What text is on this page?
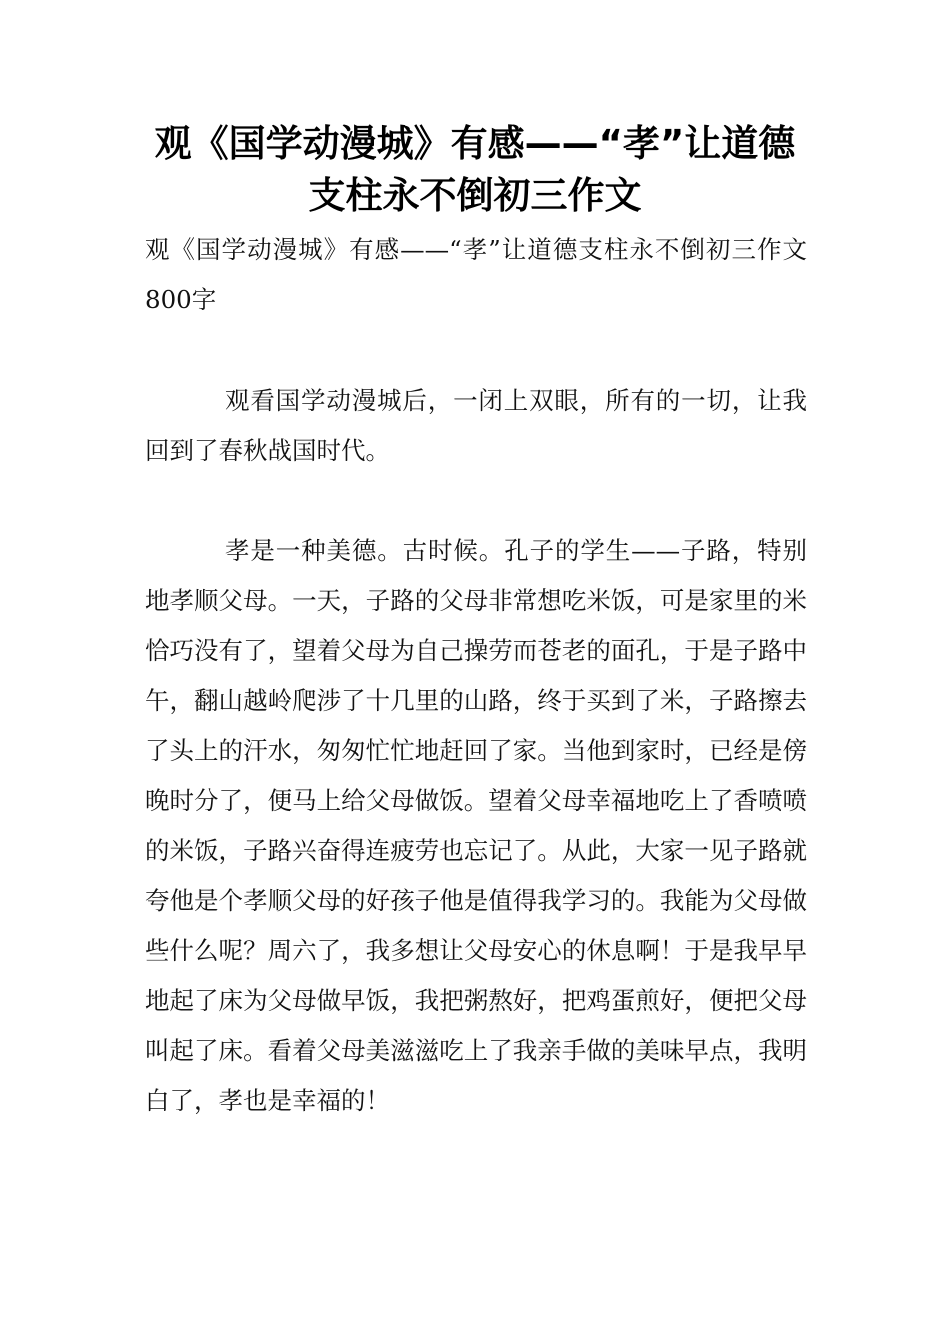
观《国学动漫城》有感——“孝”让道德支柱永不倒初三作文

观《国学动漫城》有感——“孝”让道德支柱永不倒初三作文800字

观看国学动漫城后，一闭上双眼，所有的一切，让我回到了春秋战国时代。

孝是一种美德。古时候。孔子的学生——子路，特别地孝顺父母。一天，子路的父母非常想吃米饭，可是家里的米恰巧没有了，望着父母为自己操劳而苍老的面孔，于是子路中午，翻山越岭爬涉了十几里的山路，终于买到了米，子路擦去了头上的汗水，匆匆忙忙地赶回了家。当他到家时，已经是傍晚时分了，便马上给父母做饭。望着父母幸福地吃上了香喷喷的米饭，子路兴奋得连疲劳也忘记了。从此，大家一见子路就夸他是个孝顺父母的好孩子他是值得我学习的。我能为父母做些什么呢？周六了，我多想让父母安心的休息啊！于是我早早地起了床为父母做早饭，我把粥熬好，把鸡蛋煎好，便把父母叫起了床。看着父母美滋滋吃上了我亲手做的美味早点，我明白了，孝也是幸福的！
